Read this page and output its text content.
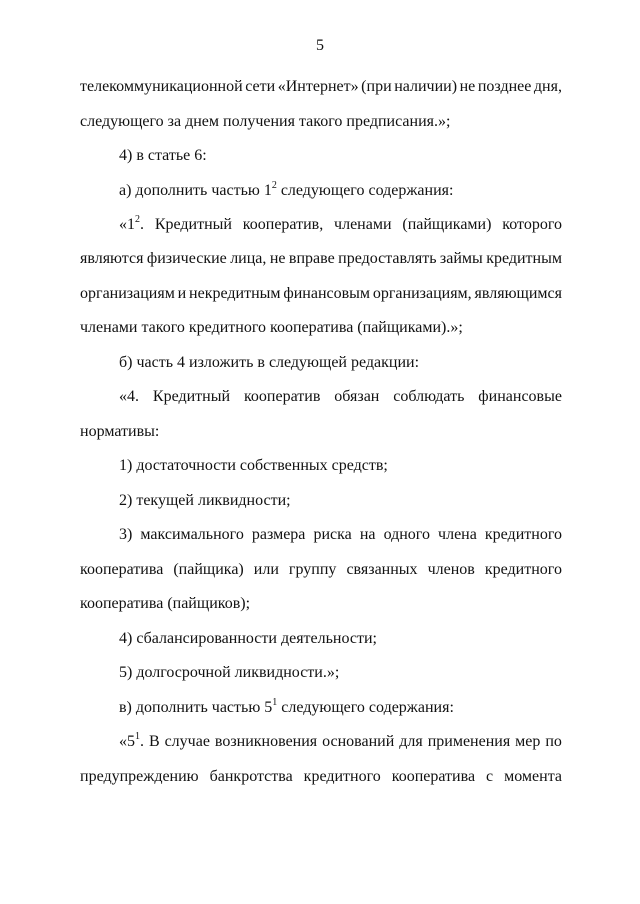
5
телекоммуникационной сети «Интернет» (при наличии) не позднее дня,
следующего за днем получения такого предписания.»;
4) в статье 6:
а) дополнить частью $1^2$ следующего содержания:
«$1^2$. Кредитный кооператив, членами (пайщиками) которого
являются физические лица, не вправе предоставлять займы кредитным
организациям и некредитным финансовым организациям, являющимся
членами такого кредитного кооператива (пайщиками).»;
б) часть 4 изложить в следующей редакции:
«4. Кредитный кооператив обязан соблюдать финансовые
нормативы:
1) достаточности собственных средств;
2) текущей ликвидности;
3) максимального размера риска на одного члена кредитного
кооператива (пайщика) или группу связанных членов кредитного
кооператива (пайщиков);
4) сбалансированности деятельности;
5) долгосрочной ликвидности.»;
в) дополнить частью $5^1$ следующего содержания:
«$5^1$. В случае возникновения оснований для применения мер по
предупреждению банкротства кредитного кооператива с момента
